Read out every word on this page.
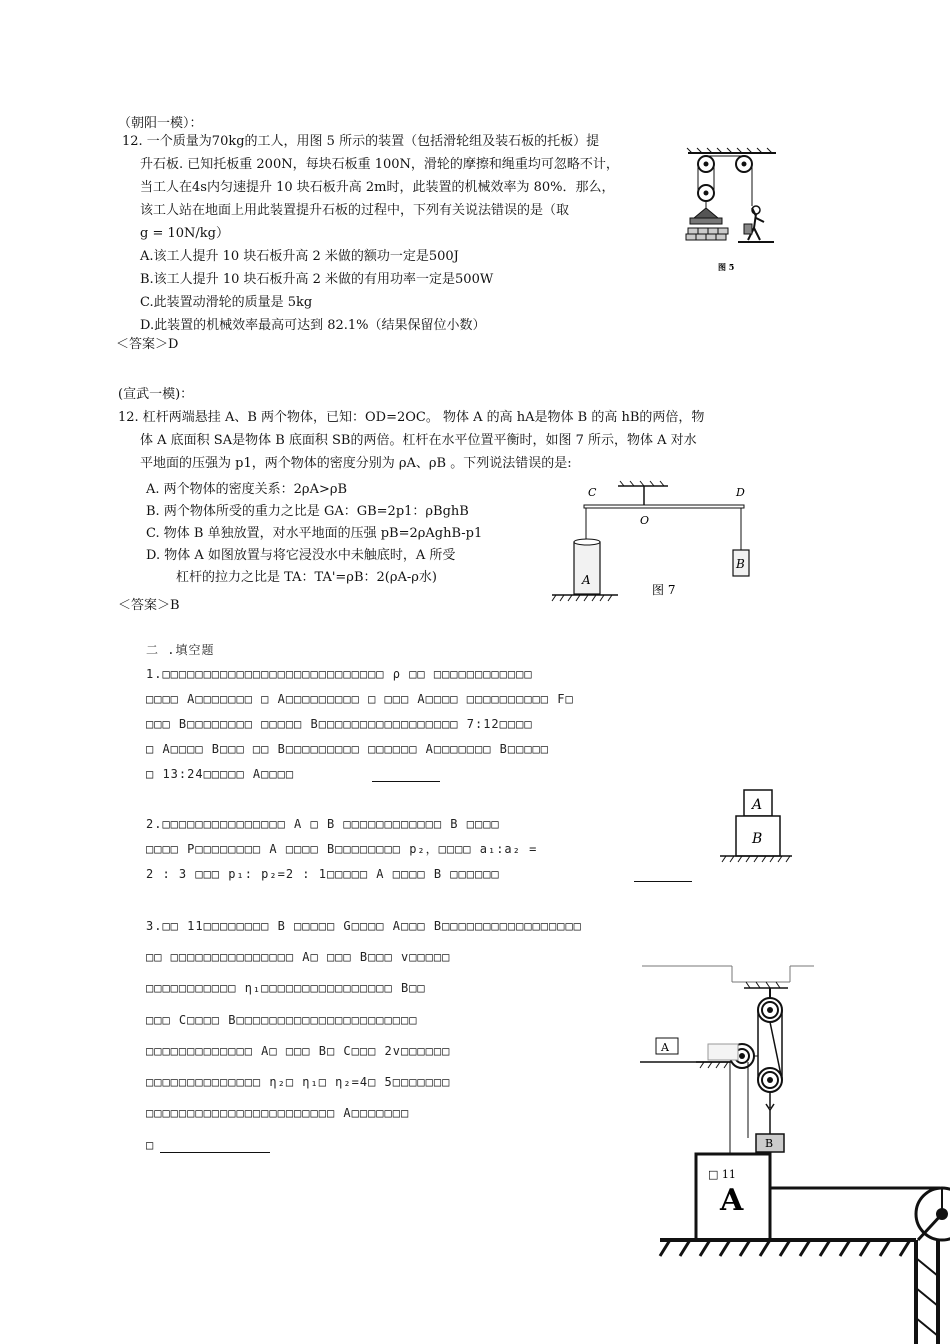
（朝阳一模）：
12. 一个质量为70kg的工人，用图 5 所示的装置（包括滑轮组及装石板的托板）提
升石板. 已知托板重 200N，每块石板重 100N，滑轮的摩擦和绳重均可忽略不计，
当工人在4s内匀速提升 10 块石板升高 2m时，此装置的机械效率为 80%．那么，
该工人站在地面上用此装置提升石板的过程中，下列有关说法错误的是（取
g = 10N/kg）
A.该工人提升 10 块石板升高 2 米做的额功一定是500J
B.该工人提升 10 块石板升高 2 米做的有用功率一定是500W
C.此装置动滑轮的质量是 5kg
D.此装置的机械效率最高可达到 82.1%（结果保留位小数）
＜答案＞D
图 5
(宣武一模)：
12. 杠杆两端悬挂 A、B 两个物体，已知：OD=2OC。 物体 A 的高 hA是物体 B 的高 hB的两倍，物
体 A 底面积 SA是物体 B 底面积 SB的两倍。杠杆在水平位置平衡时，如图 7 所示，物体 A 对水
平地面的压强为 p1，两个物体的密度分别为 ρA、ρB 。下列说法错误的是:
A. 两个物体的密度关系：2ρA>ρB
B. 两个物体所受的重力之比是 GA：GB=2p1：ρBghB
C. 物体 B 单独放置，对水平地面的压强 pB=2ρAghB-p1
D. 物体 A 如图放置与将它浸没水中未触底时，A 所受
杠杆的拉力之比是 TA：TA'=ρB：2(ρA-ρ水)
＜答案＞B
C	D
O
A
B
图 7
二 .填空题
1.□□□□□□□□□□□□□□□□□□□□□□□□□□□ ρ □□ □□□□□□□□□□□□
□□□□ A□□□□□□□ □ A□□□□□□□□□ □ □□□ A□□□□ □□□□□□□□□□ F□
□□□ B□□□□□□□□ □□□□□ B□□□□□□□□□□□□□□□□□ 7:12□□□□
□ A□□□□ B□□□ □□ B□□□□□□□□□ □□□□□□ A□□□□□□□ B□□□□□
□ 13:24□□□□□ A□□□□
2.□□□□□□□□□□□□□□□ A □ B □□□□□□□□□□□□ B □□□□
□□□□ P□□□□□□□□ A □□□□ B□□□□□□□□ p₂，□□□□ a₁:a₂ =
2 : 3 □□□ p₁: p₂=2 : 1□□□□□ A □□□□ B □□□□□□
A
B
3.□□ 11□□□□□□□□ B □□□□□ G□□□□ A□□□ B□□□□□□□□□□□□□□□□□
□□ □□□□□□□□□□□□□□□ A□ □□□ B□□□ v□□□□□
□□□□□□□□□□□ η₁□□□□□□□□□□□□□□□□ B□□
□□□ C□□□□ B□□□□□□□□□□□□□□□□□□□□□□
□□□□□□□□□□□□□ A□ □□□ B□ C□□□ 2v□□□□□□
□□□□□□□□□□□□□□ η₂□ η₁□ η₂=4□ 5□□□□□□□
□□□□□□□□□□□□□□□□□□□□□□□ A□□□□□□□
□
A
B
□ 11
A
